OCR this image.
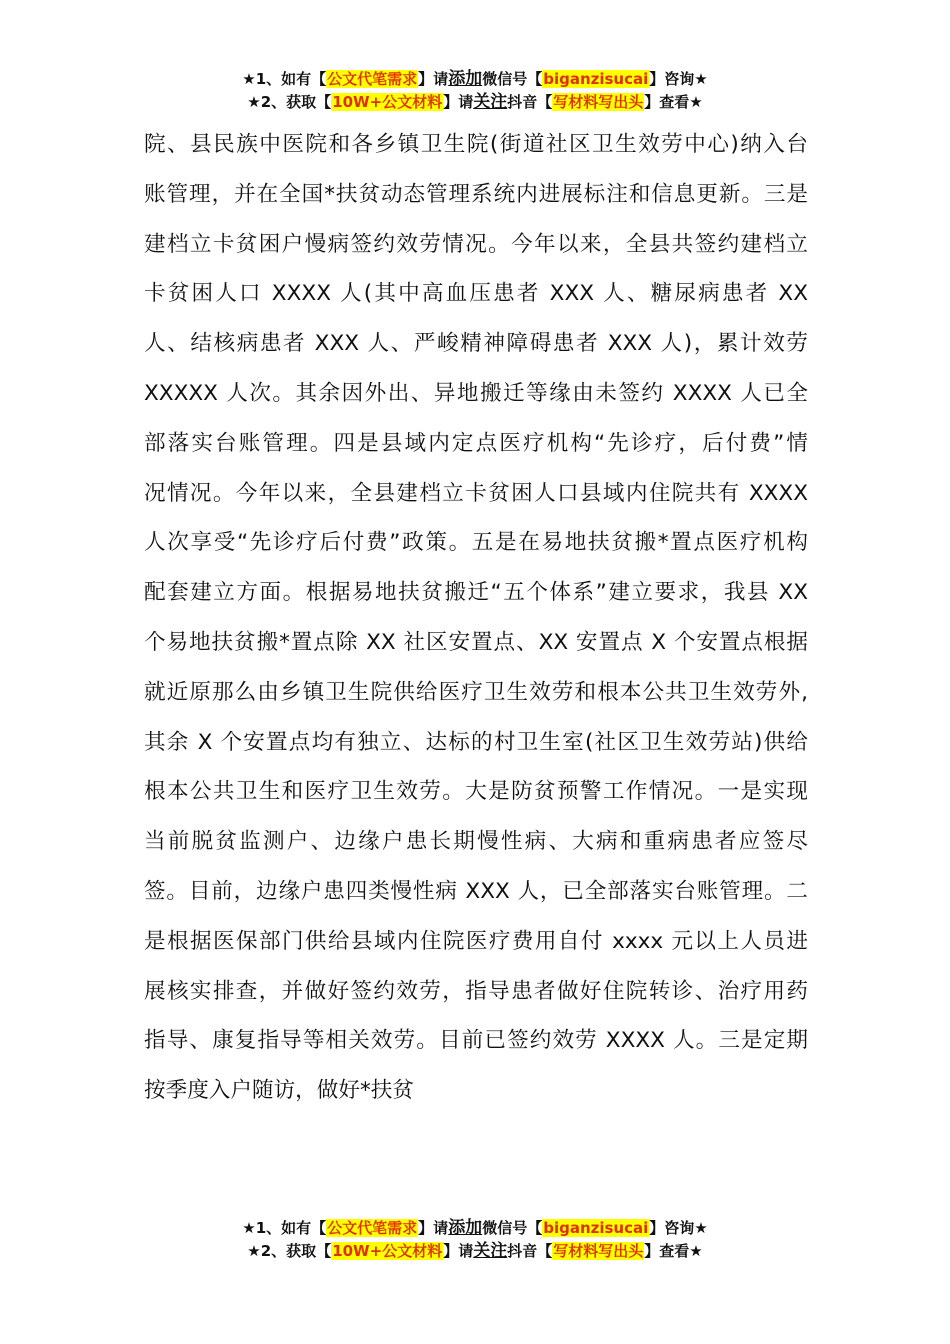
★1、如有【公文代笔需求】请添加微信号【biganzisucai】咨询★
★2、获取【10W+公文材料】请关注抖音【写材料写出头】查看★
院、县民族中医院和各乡镇卫生院(街道社区卫生效劳中心)纳入台
账管理，并在全国*扶贫动态管理系统内进展标注和信息更新。三是
建档立卡贫困户慢病签约效劳情况。今年以来，全县共签约建档立
卡贫困人口 XXXX 人(其中高血压患者 XXX 人、糖尿病患者 XX
人、结核病患者 XXX 人、严峻精神障碍患者 XXX 人)，累计效劳
XXXXX 人次。其余因外出、异地搬迁等缘由未签约 XXXX 人已全
部落实台账管理。四是县域内定点医疗机构“先诊疗，后付费”情
况情况。今年以来，全县建档立卡贫困人口县域内住院共有 XXXX
人次享受“先诊疗后付费”政策。五是在易地扶贫搬*置点医疗机构
配套建立方面。根据易地扶贫搬迁“五个体系”建立要求，我县 XX
个易地扶贫搬*置点除 XX 社区安置点、XX 安置点 X 个安置点根据
就近原那么由乡镇卫生院供给医疗卫生效劳和根本公共卫生效劳外,
其余 X 个安置点均有独立、达标的村卫生室(社区卫生效劳站)供给
根本公共卫生和医疗卫生效劳。大是防贫预警工作情况。一是实现
当前脱贫监测户、边缘户患长期慢性病、大病和重病患者应签尽
签。目前，边缘户患四类慢性病 XXX 人，已全部落实台账管理。二
是根据医保部门供给县域内住院医疗费用自付 xxxx 元以上人员进
展核实排查，并做好签约效劳，指导患者做好住院转诊、治疗用药
指导、康复指导等相关效劳。目前已签约效劳 XXXX 人。三是定期
按季度入户随访，做好*扶贫
★1、如有【公文代笔需求】请添加微信号【biganzisucai】咨询★
★2、获取【10W+公文材料】请关注抖音【写材料写出头】查看★
